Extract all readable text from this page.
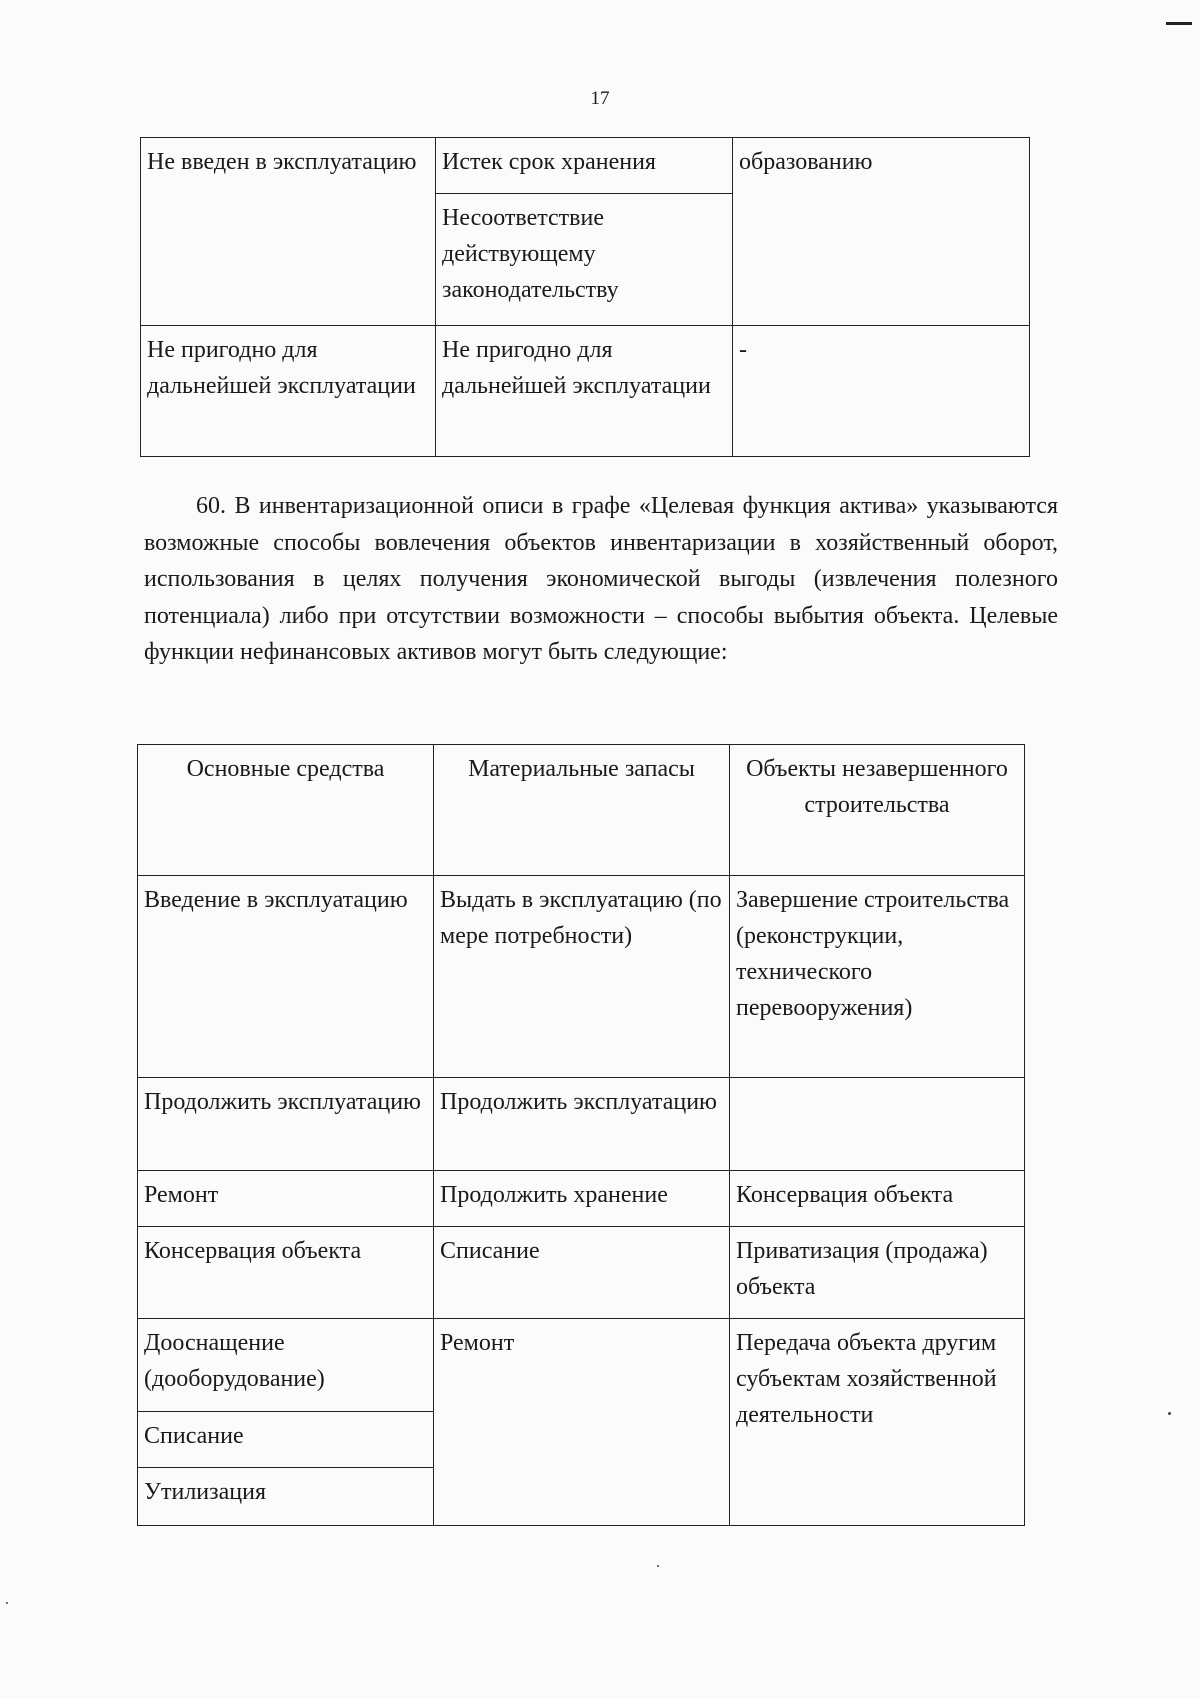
17
Не введен в эксплуатацию	Истек срок хранения	образованию
	Несоответствие действующему законодательству	
Не пригодно для дальнейшей эксплуатации	Не пригодно для дальнейшей эксплуатации	-
60. В инвентаризационной описи в графе «Целевая функция актива» указываются возможные способы вовлечения объектов инвентаризации в хозяйственный оборот, использования в целях получения экономической выгоды (извлечения полезного потенциала) либо при отсутствии возможности – способы выбытия объекта. Целевые функции нефинансовых активов могут быть следующие:
Основные средства	Материальные запасы	Объекты незавершенного строительства
Введение в эксплуатацию	Выдать в эксплуатацию (по мере потребности)	Завершение строительства (реконструкции, технического перевооружения)
Продолжить эксплуатацию	Продолжить эксплуатацию	
Ремонт	Продолжить хранение	Консервация объекта
Консервация объекта	Списание	Приватизация (продажа) объекта
Дооснащение (дооборудование)	Ремонт	Передача объекта другим субъектам хозяйственной деятельности
Списание		
Утилизация		
